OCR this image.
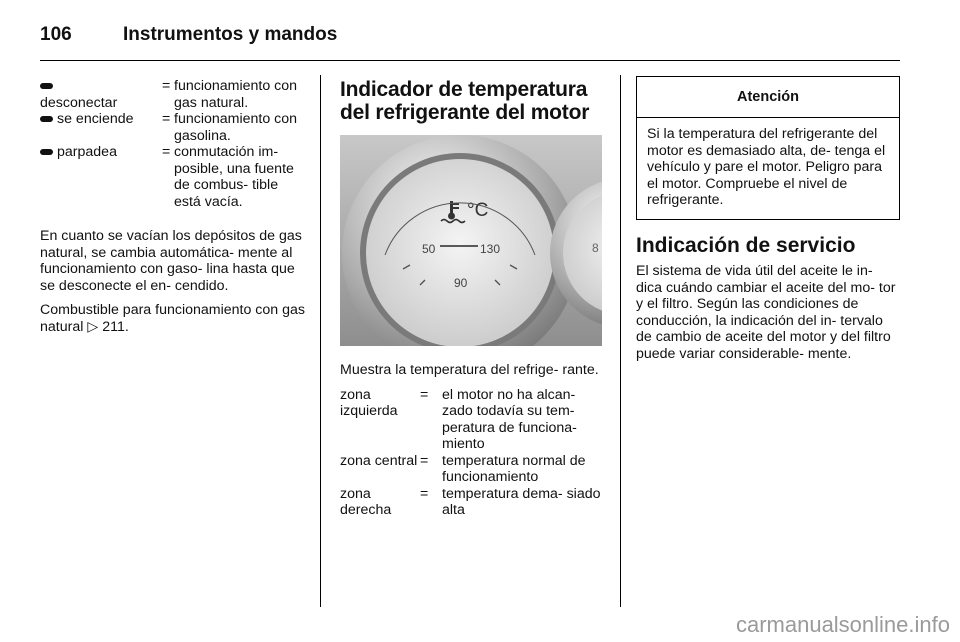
106	Instrumentos y mandos

desconectar	=	funcionamiento con gas natural.
se enciende	=	funcionamiento con gasolina.
parpadea	=	conmutación im- posible, una fuente de combus- tible está vacía.

En cuanto se vacían los depósitos de gas natural, se cambia automática- mente al funcionamiento con gaso- lina hasta que se desconecte el en- cendido.

Combustible para funcionamiento con gas natural ▷ 211.

Indicador de temperatura del refrigerante del motor
8
°C
50	130
90

Muestra la temperatura del refrige- rante.

zona izquierda	=	el motor no ha alcan- zado todavía su tem- peratura de funciona- miento
zona central	=	temperatura normal de funcionamiento
zona derecha	=	temperatura dema- siado alta
Atención
Si la temperatura del refrigerante del motor es demasiado alta, de- tenga el vehículo y pare el motor. Peligro para el motor. Compruebe el nivel de refrigerante.
Indicación de servicio

El sistema de vida útil del aceite le in- dica cuándo cambiar el aceite del mo- tor y el filtro. Según las condiciones de conducción, la indicación del in- tervalo de cambio de aceite del motor y del filtro puede variar considerable- mente.

carmanualsonline.info
